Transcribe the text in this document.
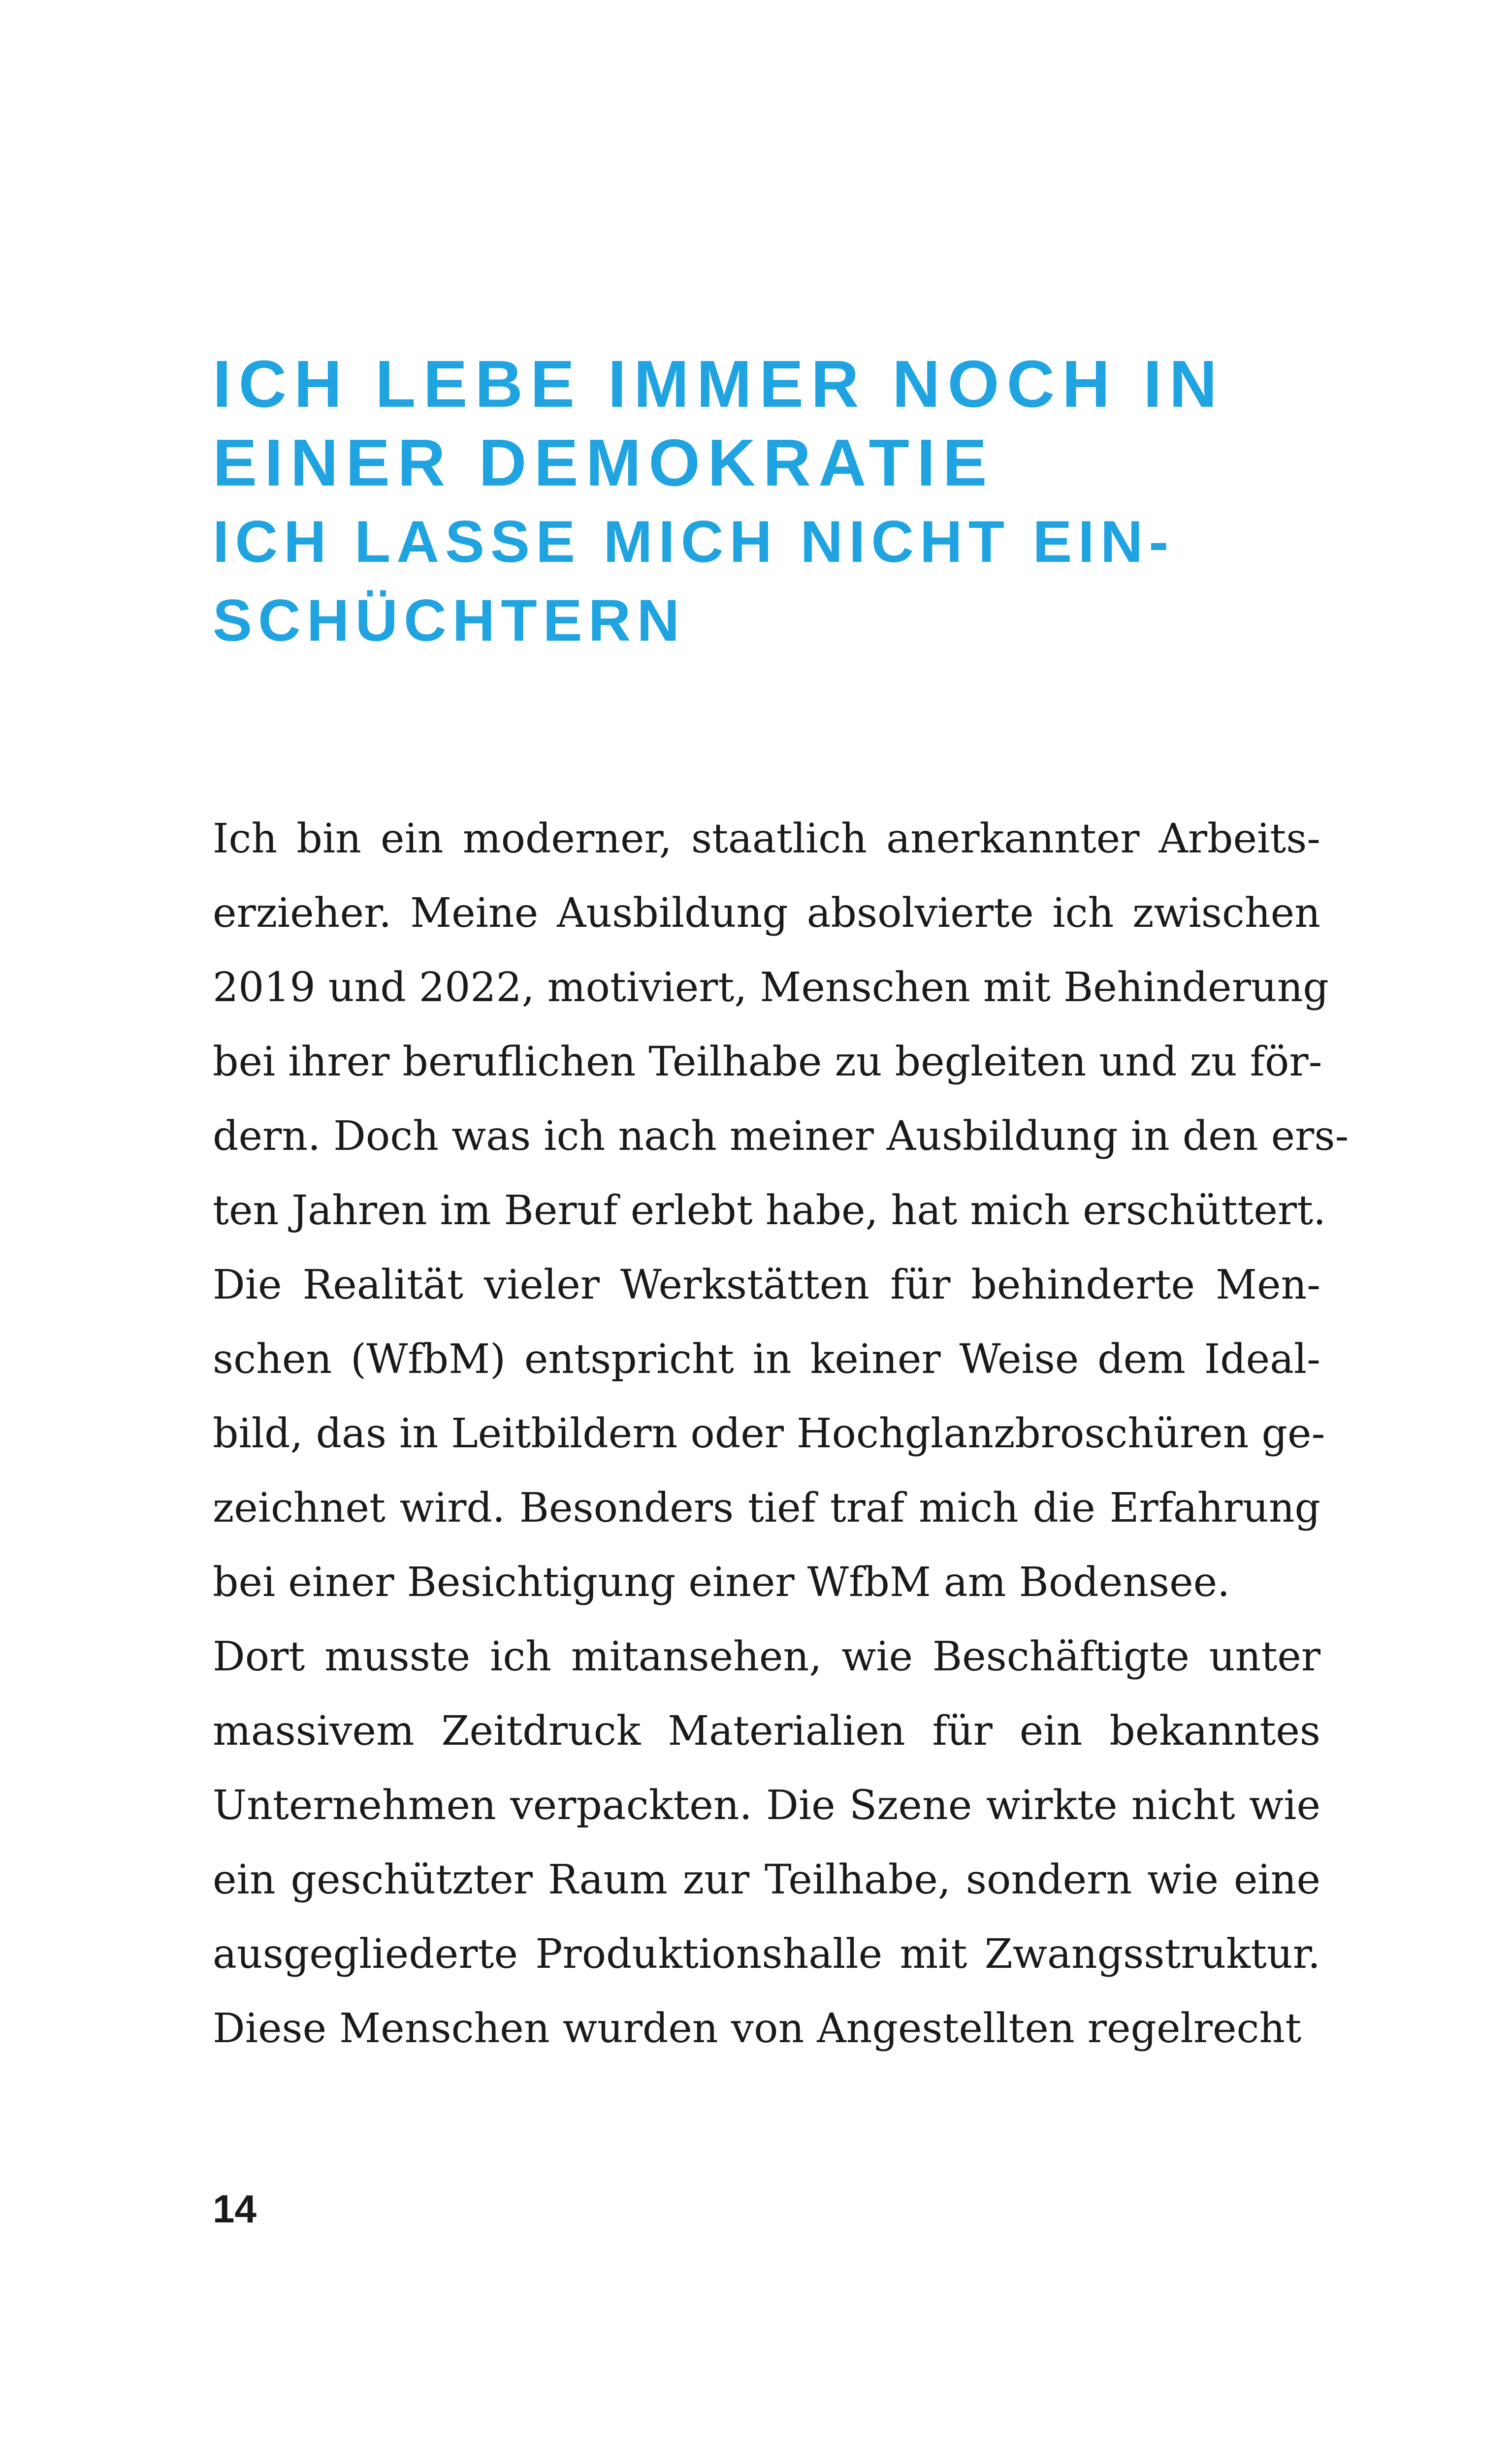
ICH LEBE IMMER NOCH IN
EINER DEMOKRATIE
ICH LASSE MICH NICHT EIN-
SCHÜCHTERN
Ich bin ein moderner, staatlich anerkannter Arbeits-
erzieher. Meine Ausbildung absolvierte ich zwischen
2019 und 2022, motiviert, Menschen mit Behinderung
bei ihrer beruflichen Teilhabe zu begleiten und zu för-
dern. Doch was ich nach meiner Ausbildung in den ers-
ten Jahren im Beruf erlebt habe, hat mich erschüttert.
Die Realität vieler Werkstätten für behinderte Men-
schen (WfbM) entspricht in keiner Weise dem Ideal-
bild, das in Leitbildern oder Hochglanzbroschüren ge-
zeichnet wird. Besonders tief traf mich die Erfahrung
bei einer Besichtigung einer WfbM am Bodensee.
Dort musste ich mitansehen, wie Beschäftigte unter
massivem Zeitdruck Materialien für ein bekanntes
Unternehmen verpackten. Die Szene wirkte nicht wie
ein geschützter Raum zur Teilhabe, sondern wie eine
ausgegliederte Produktionshalle mit Zwangsstruktur.
Diese Menschen wurden von Angestellten regelrecht
14
